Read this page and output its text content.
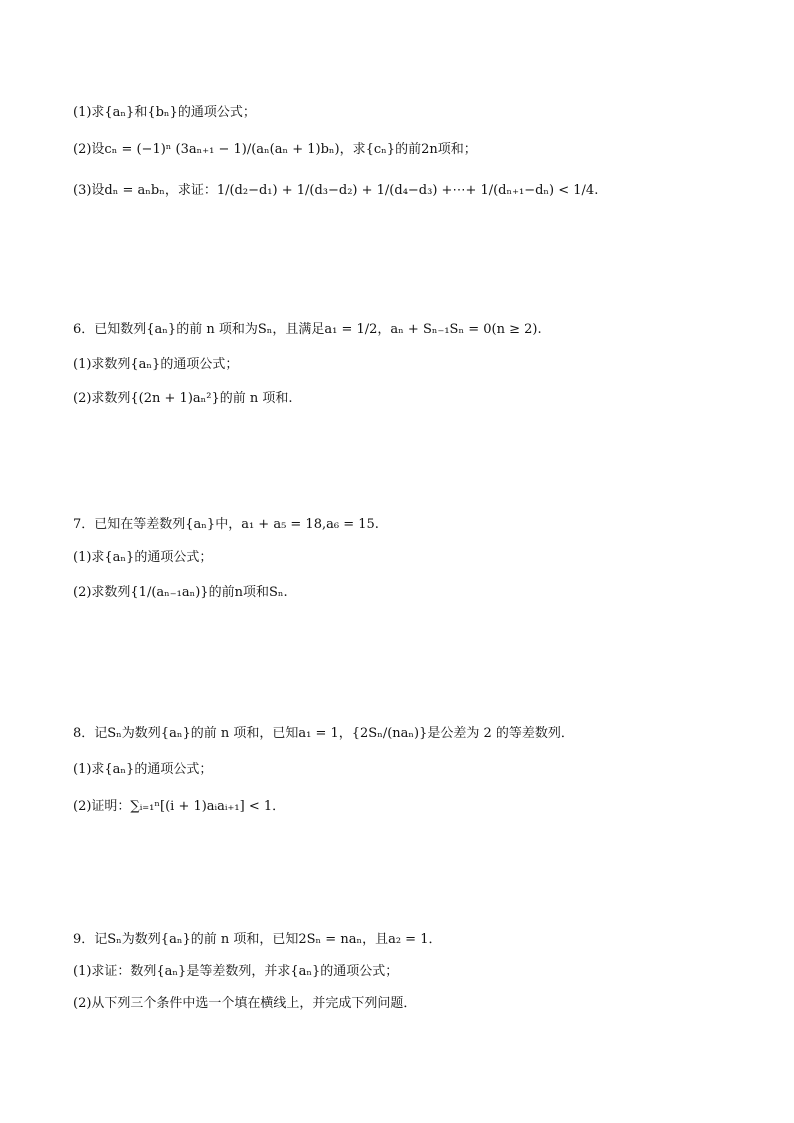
(1)求{aₙ}和{bₙ}的通项公式；
(2)设cₙ = (−1)ⁿ (3aₙ₊₁ − 1)/(aₙ(aₙ + 1)bₙ)，求{cₙ}的前2n项和；
(3)设dₙ = aₙbₙ，求证：1/(d₂−d₁) + 1/(d₃−d₂) + 1/(d₄−d₃) +⋯+ 1/(dₙ₊₁−dₙ) < 1/4.
6．已知数列{aₙ}的前 n 项和为Sₙ，且满足a₁ = 1/2，aₙ + Sₙ₋₁Sₙ = 0(n ≥ 2).
(1)求数列{aₙ}的通项公式；
(2)求数列{(2n + 1)aₙ²}的前 n 项和.
7．已知在等差数列{aₙ}中，a₁ + a₅ = 18,a₆ = 15.
(1)求{aₙ}的通项公式；
(2)求数列{1/(aₙ₋₁aₙ)}的前n项和Sₙ.
8．记Sₙ为数列{aₙ}的前 n 项和，已知a₁ = 1，{2Sₙ/(naₙ)}是公差为 2 的等差数列．
(1)求{aₙ}的通项公式；
(2)证明：∑ᵢ₌₁ⁿ[(i + 1)aᵢaᵢ₊₁] < 1．
9．记Sₙ为数列{aₙ}的前 n 项和，已知2Sₙ = naₙ，且a₂ = 1．
(1)求证：数列{aₙ}是等差数列，并求{aₙ}的通项公式；
(2)从下列三个条件中选一个填在横线上，并完成下列问题．
